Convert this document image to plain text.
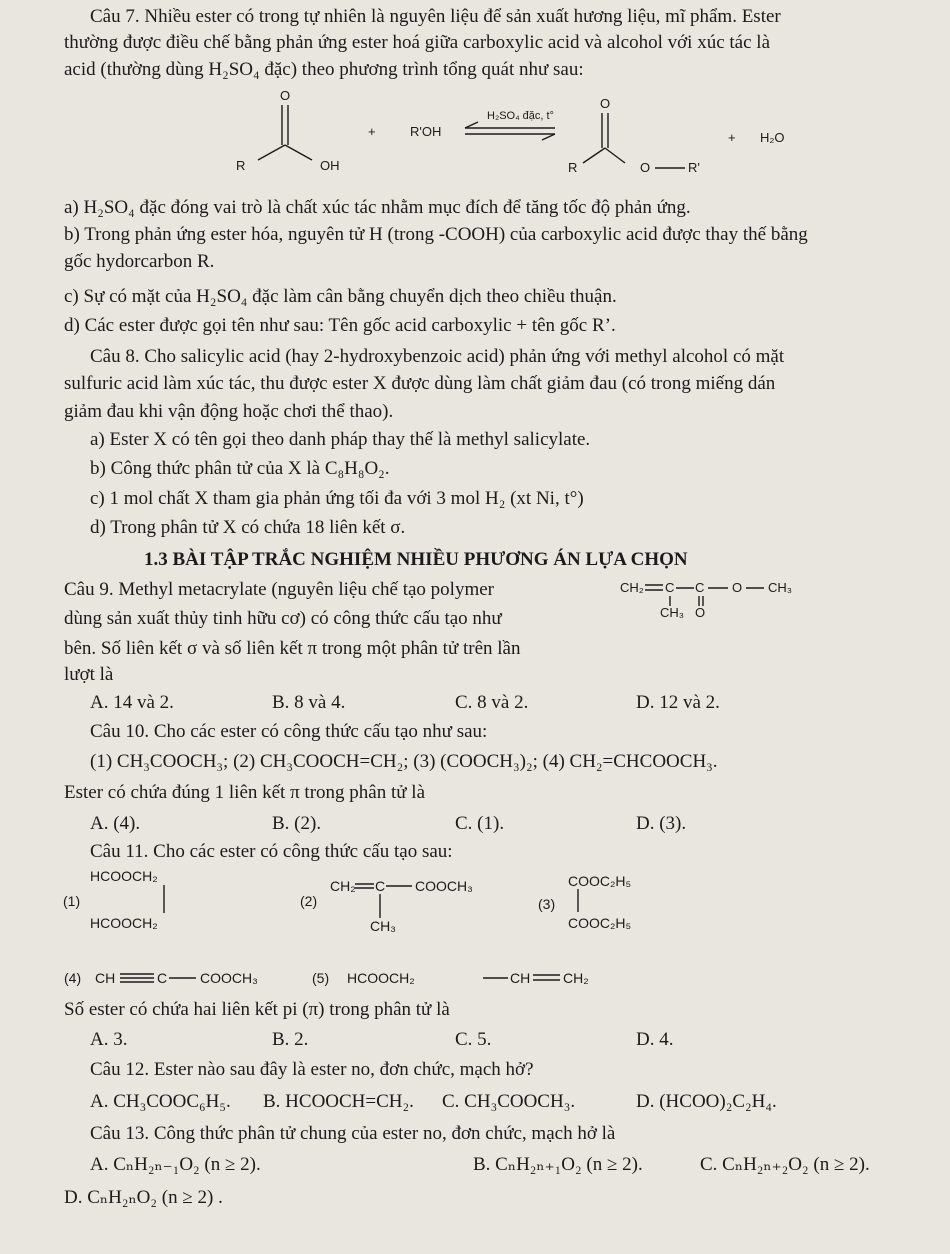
Câu 7. Nhiều ester có trong tự nhiên là nguyên liệu để sản xuất hương liệu, mĩ phẩm. Ester
thường được điều chế bằng phản ứng ester hoá giữa carboxylic acid và alcohol với xúc tác là
acid (thường dùng H₂SO₄ đặc) theo phương trình tổng quát như sau:
O
R	OH
+	R'OH
H₂SO₄ đặc, t°
O
R	O	R'
+ H₂O
a) H₂SO₄ đặc đóng vai trò là chất xúc tác nhằm mục đích để tăng tốc độ phản ứng.
b) Trong phản ứng ester hóa, nguyên tử H (trong -COOH) của carboxylic acid được thay thế bằng
gốc hydorcarbon R.
c) Sự có mặt của H₂SO₄ đặc làm cân bằng chuyển dịch theo chiều thuận.
d) Các ester được gọi tên như sau: Tên gốc acid carboxylic + tên gốc R’.
Câu 8. Cho salicylic acid (hay 2-hydroxybenzoic acid) phản ứng với methyl alcohol có mặt
sulfuric acid làm xúc tác, thu được ester X được dùng làm chất giảm đau (có trong miếng dán
giảm đau khi vận động hoặc chơi thể thao).
a) Ester X có tên gọi theo danh pháp thay thế là methyl salicylate.
b) Công thức phân tử của X là C₈H₈O₂.
c) 1 mol chất X tham gia phản ứng tối đa với 3 mol H₂ (xt Ni, t°)
d) Trong phân tử X có chứa 18 liên kết σ.
1.3 BÀI TẬP TRẮC NGHIỆM NHIỀU PHƯƠNG ÁN LỰA CHỌN
Câu 9. Methyl metacrylate (nguyên liệu chế tạo polymer
dùng sản xuất thủy tinh hữu cơ) có công thức cấu tạo như
bên. Số liên kết σ và số liên kết π trong một phân tử trên lần
lượt là
CH₂ C C O CH₃
CH₃ O
A. 14 và 2.	B. 8 và 4.	C. 8 và 2.	D. 12 và 2.
Câu 10. Cho các ester có công thức cấu tạo như sau:
(1) CH₃COOCH₃; (2) CH₃COOCH=CH₂; (3) (COOCH₃)₂; (4) CH₂=CHCOOCH₃.
Ester có chứa đúng 1 liên kết π trong phân tử là
A. (4).	B. (2).	C. (1).	D. (3).
Câu 11. Cho các ester có công thức cấu tạo sau:
(1)
HCOOCH₂
HCOOCH₂
(2)
CH₂ C COOCH₃
CH₃
(3)
COOC₂H₅
COOC₂H₅
(4) CH	C COOCH₃	(5) HCOOCH₂	CH CH₂
Số ester có chứa hai liên kết pi (π) trong phân tử là
A. 3.	B. 2.	C. 5.	D. 4.
Câu 12. Ester nào sau đây là ester no, đơn chức, mạch hở?
A. CH₃COOC₆H₅. B. HCOOCH=CH₂. C. CH₃COOCH₃.	D. (HCOO)₂C₂H₄.
Câu 13. Công thức phân tử chung của ester no, đơn chức, mạch hở là
A. CₙH₂ₙ₋₁O₂ (n ≥ 2).	B. CₙH₂ₙ₊₁O₂ (n ≥ 2).	C. CₙH₂ₙ₊₂O₂ (n ≥ 2).
D. CₙH₂ₙO₂ (n ≥ 2) .
